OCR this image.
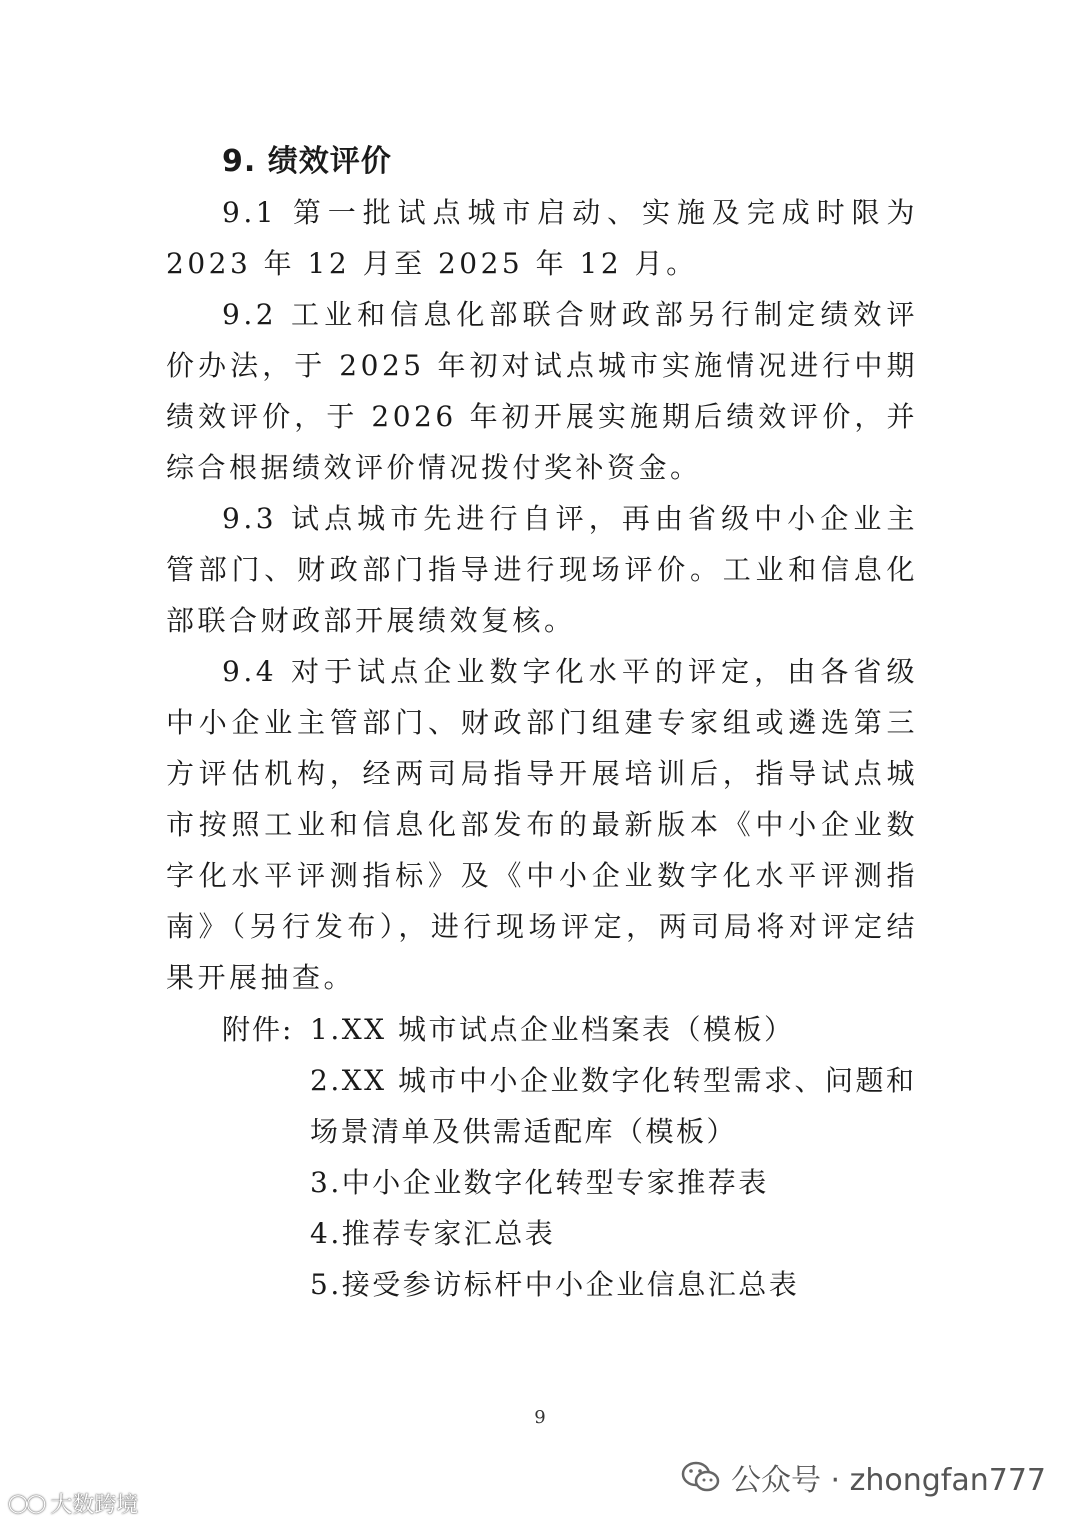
9. 绩效评价

9.1 第一批试点城市启动、实施及完成时限为 2023 年 12 月至 2025 年 12 月。

9.2 工业和信息化部联合财政部另行制定绩效评价办法，于 2025 年初对试点城市实施情况进行中期绩效评价，于 2026 年初开展实施期后绩效评价，并综合根据绩效评价情况拨付奖补资金。

9.3 试点城市先进行自评，再由省级中小企业主管部门、财政部门指导进行现场评价。工业和信息化部联合财政部开展绩效复核。

9.4 对于试点企业数字化水平的评定，由各省级中小企业主管部门、财政部门组建专家组或遴选第三方评估机构，经两司局指导开展培训后，指导试点城市按照工业和信息化部发布的最新版本《中小企业数字化水平评测指标》及《中小企业数字化水平评测指南》（另行发布），进行现场评定，两司局将对评定结果开展抽查。

附件: 1.XX 城市试点企业档案表（模板）

2.XX 城市中小企业数字化转型需求、问题和场景清单及供需适配库（模板）

3.中小企业数字化转型专家推荐表

4.推荐专家汇总表

5.接受参访标杆中小企业信息汇总表

9
◯◯ 大数跨境
公众号 · zhongfan777
